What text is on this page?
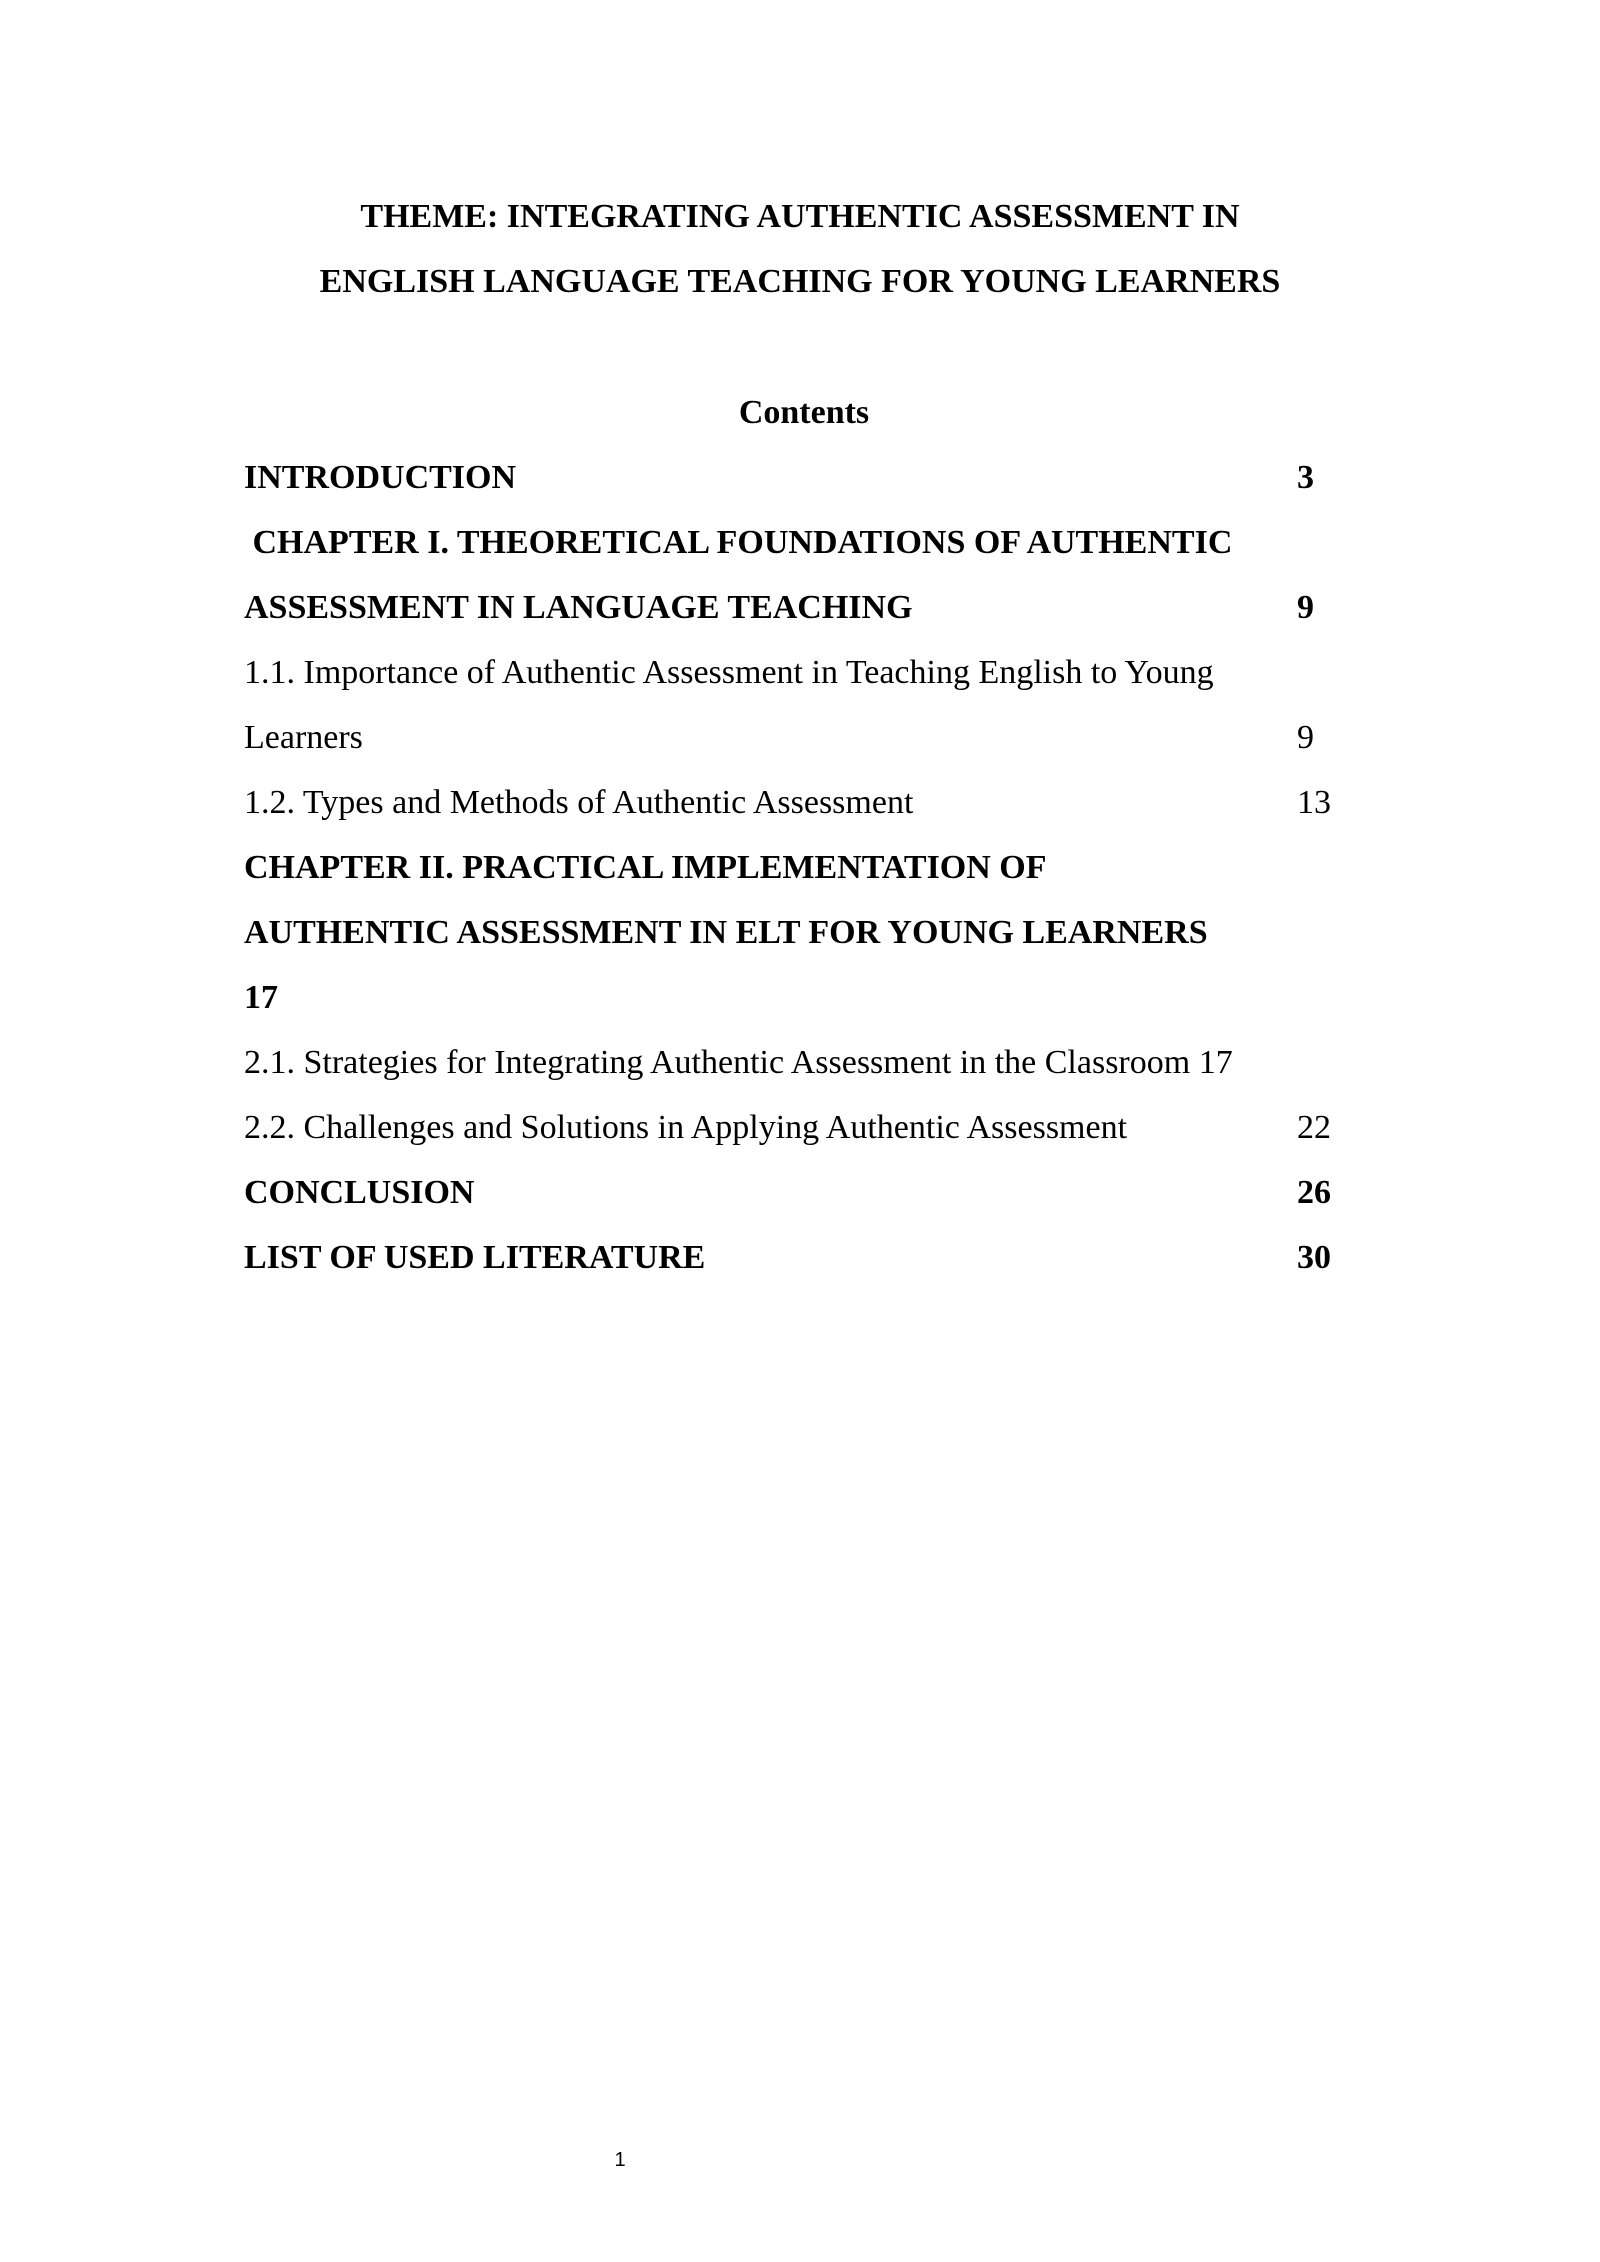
THEME: INTEGRATING AUTHENTIC ASSESSMENT IN
ENGLISH LANGUAGE TEACHING FOR YOUNG LEARNERS
Contents
INTRODUCTION	3
CHAPTER I. THEORETICAL FOUNDATIONS OF AUTHENTIC
ASSESSMENT IN LANGUAGE TEACHING	9
1.1. Importance of Authentic Assessment in Teaching English to Young
Learners	9
1.2. Types and Methods of Authentic Assessment	13
CHAPTER II. PRACTICAL IMPLEMENTATION OF
AUTHENTIC ASSESSMENT IN ELT FOR YOUNG LEARNERS
17
2.1. Strategies for Integrating Authentic Assessment in the Classroom 17
2.2. Challenges and Solutions in Applying Authentic Assessment	22
CONCLUSION	26
LIST OF USED LITERATURE	30
1
